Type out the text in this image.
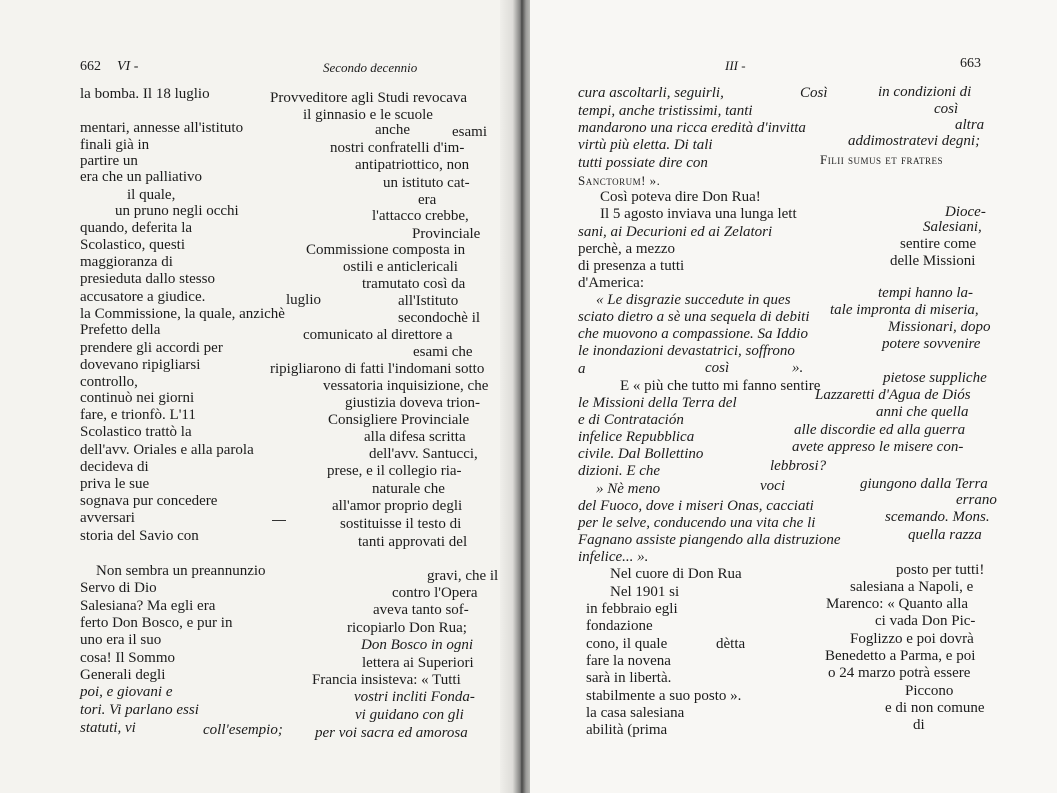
662 VI -	Secondo decennio
la bomba. Il 18 luglio	Provveditore agli Studi revocava
il ginnasio e le scuole
mentari, annesse all'istituto	anche	esami
finali già in	nostri confratelli d'im-
partire un	antipatriottico, non
era che un palliativo	un istituto cat-
il quale,	era
un pruno negli occhi	l'attacco crebbe,
quando, deferita la	Provinciale
Scolastico, questi	Commissione composta in
maggioranza di	ostili e anticlericali
presieduta dallo stesso	tramutato così da
accusatore a giudice.	luglio	all'Istituto
la Commissione, la quale, anzichè	secondochè il
Prefetto della	comunicato al direttore a
prendere gli accordi per	esami che
dovevano ripigliarsi	ripigliarono di fatti l'indomani sotto
controllo,	vessatoria inquisizione, che
continuò nei giorni	giustizia doveva trion-
fare, e trionfò. L'11	Consigliere Provinciale
Scolastico trattò la	alla difesa scritta
dell'avv. Oriales e alla parola	dell'avv. Santucci,
decideva di	prese, e il collegio ria-
priva le sue	naturale che
sognava pur concedere	all'amor proprio degli
avversari	sostituisse il testo di
storia del Savio con	tanti approvati del
Non sembra un preannunzio	gravi, che il
Servo di Dio	contro l'Opera
Salesiana? Ma egli era	aveva tanto sof-
ferto Don Bosco, e pur in	ricopiarlo Don Rua;
uno era il suo	Don Bosco in ogni
cosa! Il Sommo	lettera ai Superiori
Generali degli	Francia insisteva: « Tutti
poi, e giovani e	vostri incliti Fonda-
tori. Vi parlano essi	vi guidano con gli
statuti, vi	coll'esempio; per voi sacra ed amorosa
III -	663
cura ascoltarli, seguirli,	Così	in condizioni di
tempi, anche tristissimi, tanti	così
mandarono una ricca eredità d'invitta	altra
virtù più eletta. Di tali	addimostratevi degni;
tutti possiate dire con	Filii sumus et fratres
Sanctorum! ».
Così poteva dire Don Rua!
Il 5 agosto inviava una lunga lett	Dioce-
sani, ai Decurioni ed ai Zelatori	Salesiani,
perchè, a mezzo	sentire come
di presenza a tutti	delle Missioni
d'America:
« Le disgrazie succedute in ques	tempi hanno la-
sciato dietro a sè una sequela di debiti tale impronta di miseria,
che muovono a compassione. Sa Iddio	Missionari, dopo
le inondazioni devastatrici, soffrono	potere sovvenire
a	così	».
E « più che tutto mi fanno sentire	pietose suppliche
le Missioni della Terra del	Lazzaretti d'Agua de Diós
e di Contratación	anni che quella
infelice Repubblica	alle discordie ed alla guerra
civile. Dal Bollettino	avete appreso le misere con-
dizioni. E che	lebbrosi?
» Nè meno	voci	giungono dalla Terra
del Fuoco, dove i miseri Onas, cacciati	errano
per le selve, conducendo una vita che li	scemando. Mons.
Fagnano assiste piangendo alla distruzione	quella razza
infelice... ».
Nel cuore di Don Rua	posto per tutti!
Nel 1901 si	salesiana a Napoli, e
in febbraio egli	Marenco: « Quanto alla
fondazione	ci vada Don Pic-
cono, il quale	dètta	Foglizzo e poi dovrà
fare la novena	Benedetto a Parma, e poi
sarà in libertà.	o 24 marzo potrà essere
stabilmente a suo posto ».	Piccono
la casa salesiana	e di non comune
abilità (prima	di
